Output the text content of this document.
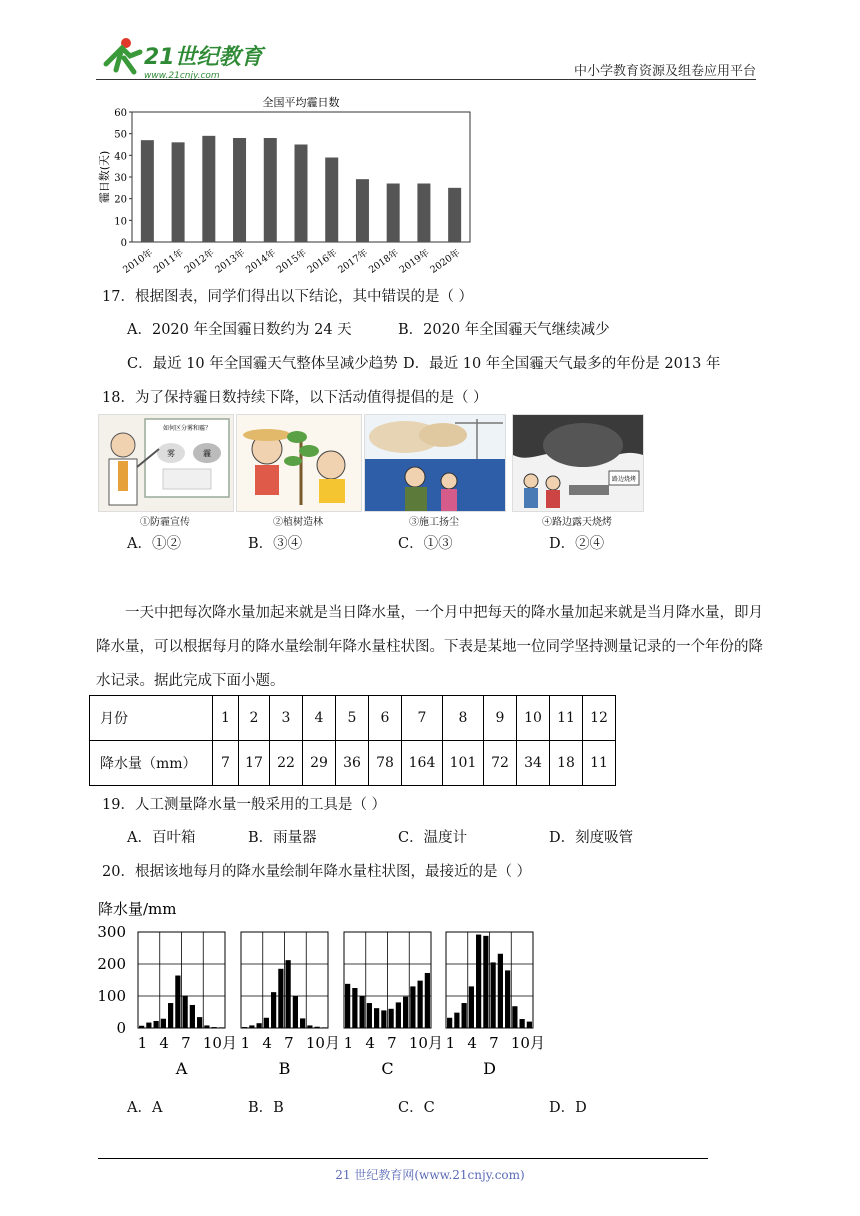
21世纪教育
www.21cnjy.com	中小学教育资源及组卷应用平台
全国平均霾日数
0
10
20
30
40
50
60
2010年
2011年
2012年
2013年
2014年
2015年
2016年
2017年
2018年
2019年
2020年
霾日数(天)
17．根据图表，同学们得出以下结论，其中错误的是（ ）
A．2020 年全国霾日数约为 24 天	B．2020 年全国霾天气继续减少
C．最近 10 年全国霾天气整体呈减少趋势 D．最近 10 年全国霾天气最多的年份是 2013 年
18．为了保持霾日数持续下降，以下活动值得提倡的是（ ）
如何区分雾和霾？
雾	霾
路边烧烤
①防霾宣传	②植树造林	③施工扬尘	④路边露天烧烤
A．①②	B．③④	C．①③	D．②④
一天中把每次降水量加起来就是当日降水量，一个月中把每天的降水量加起来就是当月降水量，即月降水量，可以根据每月的降水量绘制年降水量柱状图。下表是某地一位同学坚持测量记录的一个年份的降水记录。据此完成下面小题。
月份	1	2	3	4	5	6	7	8	9	10	11	12
降水量（mm）	7	17	22	29	36	78	164	101	72	34	18	11
19．人工测量降水量一般采用的工具是（ ）
A．百叶箱	B．雨量器	C．温度计	D．刻度吸管
20．根据该地每月的降水量绘制年降水量柱状图，最接近的是（ ）
降水量/mm
0
100
200
300
1 4 7 10月
A
1 4 7 10月
B
1 4 7 10月
C
1 4 7 10月
D
A．A	B．B	C．C	D．D
21 世纪教育网(www.21cnjy.com)
